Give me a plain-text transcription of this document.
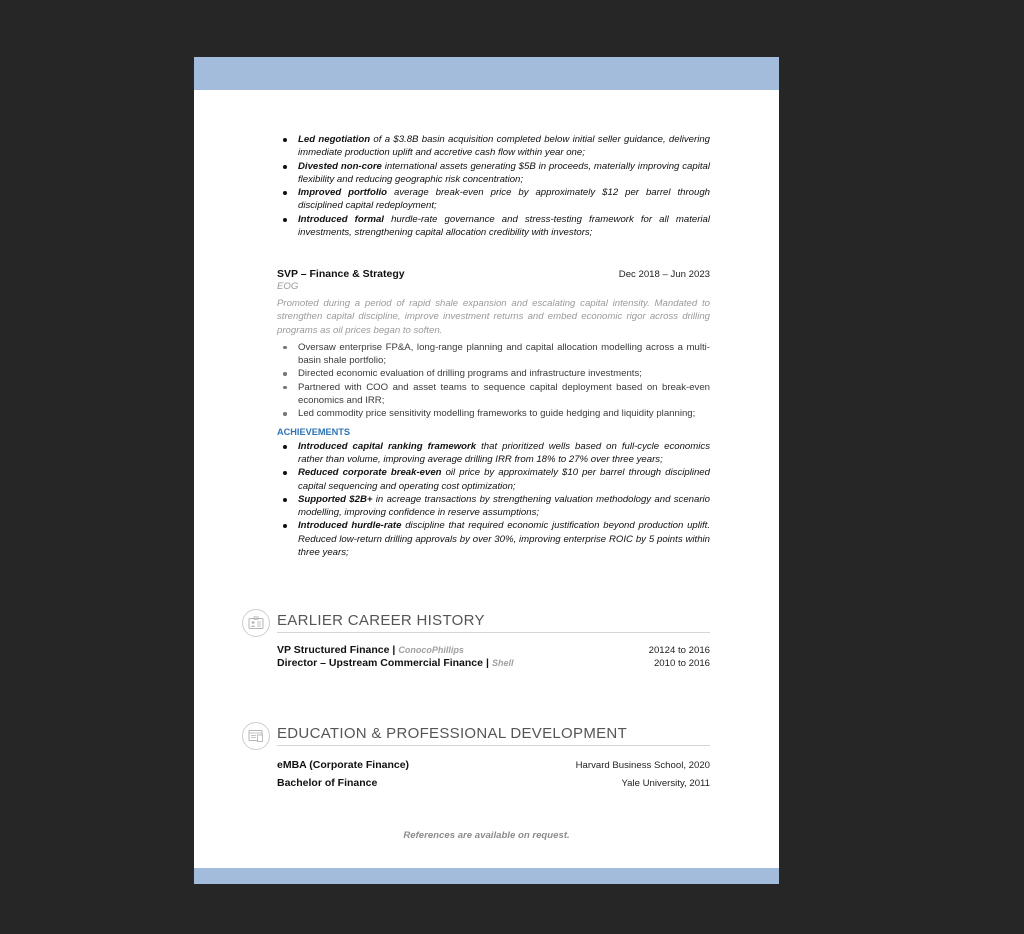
Led negotiation of a $3.8B basin acquisition completed below initial seller guidance, delivering immediate production uplift and accretive cash flow within year one;
Divested non-core international assets generating $5B in proceeds, materially improving capital flexibility and reducing geographic risk concentration;
Improved portfolio average break-even price by approximately $12 per barrel through disciplined capital redeployment;
Introduced formal hurdle-rate governance and stress-testing framework for all material investments, strengthening capital allocation credibility with investors;
SVP – Finance & Strategy	Dec 2018 – Jun 2023
EOG
Promoted during a period of rapid shale expansion and escalating capital intensity. Mandated to strengthen capital discipline, improve investment returns and embed economic rigor across drilling programs as oil prices began to soften.
Oversaw enterprise FP&A, long-range planning and capital allocation modelling across a multi-basin shale portfolio;
Directed economic evaluation of drilling programs and infrastructure investments;
Partnered with COO and asset teams to sequence capital deployment based on break-even economics and IRR;
Led commodity price sensitivity modelling frameworks to guide hedging and liquidity planning;
ACHIEVEMENTS
Introduced capital ranking framework that prioritized wells based on full-cycle economics rather than volume, improving average drilling IRR from 18% to 27% over three years;
Reduced corporate break-even oil price by approximately $10 per barrel through disciplined capital sequencing and operating cost optimization;
Supported $2B+ in acreage transactions by strengthening valuation methodology and scenario modelling, improving confidence in reserve assumptions;
Introduced hurdle-rate discipline that required economic justification beyond production uplift. Reduced low-return drilling approvals by over 30%, improving enterprise ROIC by 5 points within three years;
EARLIER CAREER HISTORY
VP Structured Finance | ConocoPhillips	20124 to 2016
Director – Upstream Commercial Finance | Shell	2010 to 2016
EDUCATION & PROFESSIONAL DEVELOPMENT
eMBA (Corporate Finance)	Harvard Business School, 2020
Bachelor of Finance	Yale University, 2011
References are available on request.
